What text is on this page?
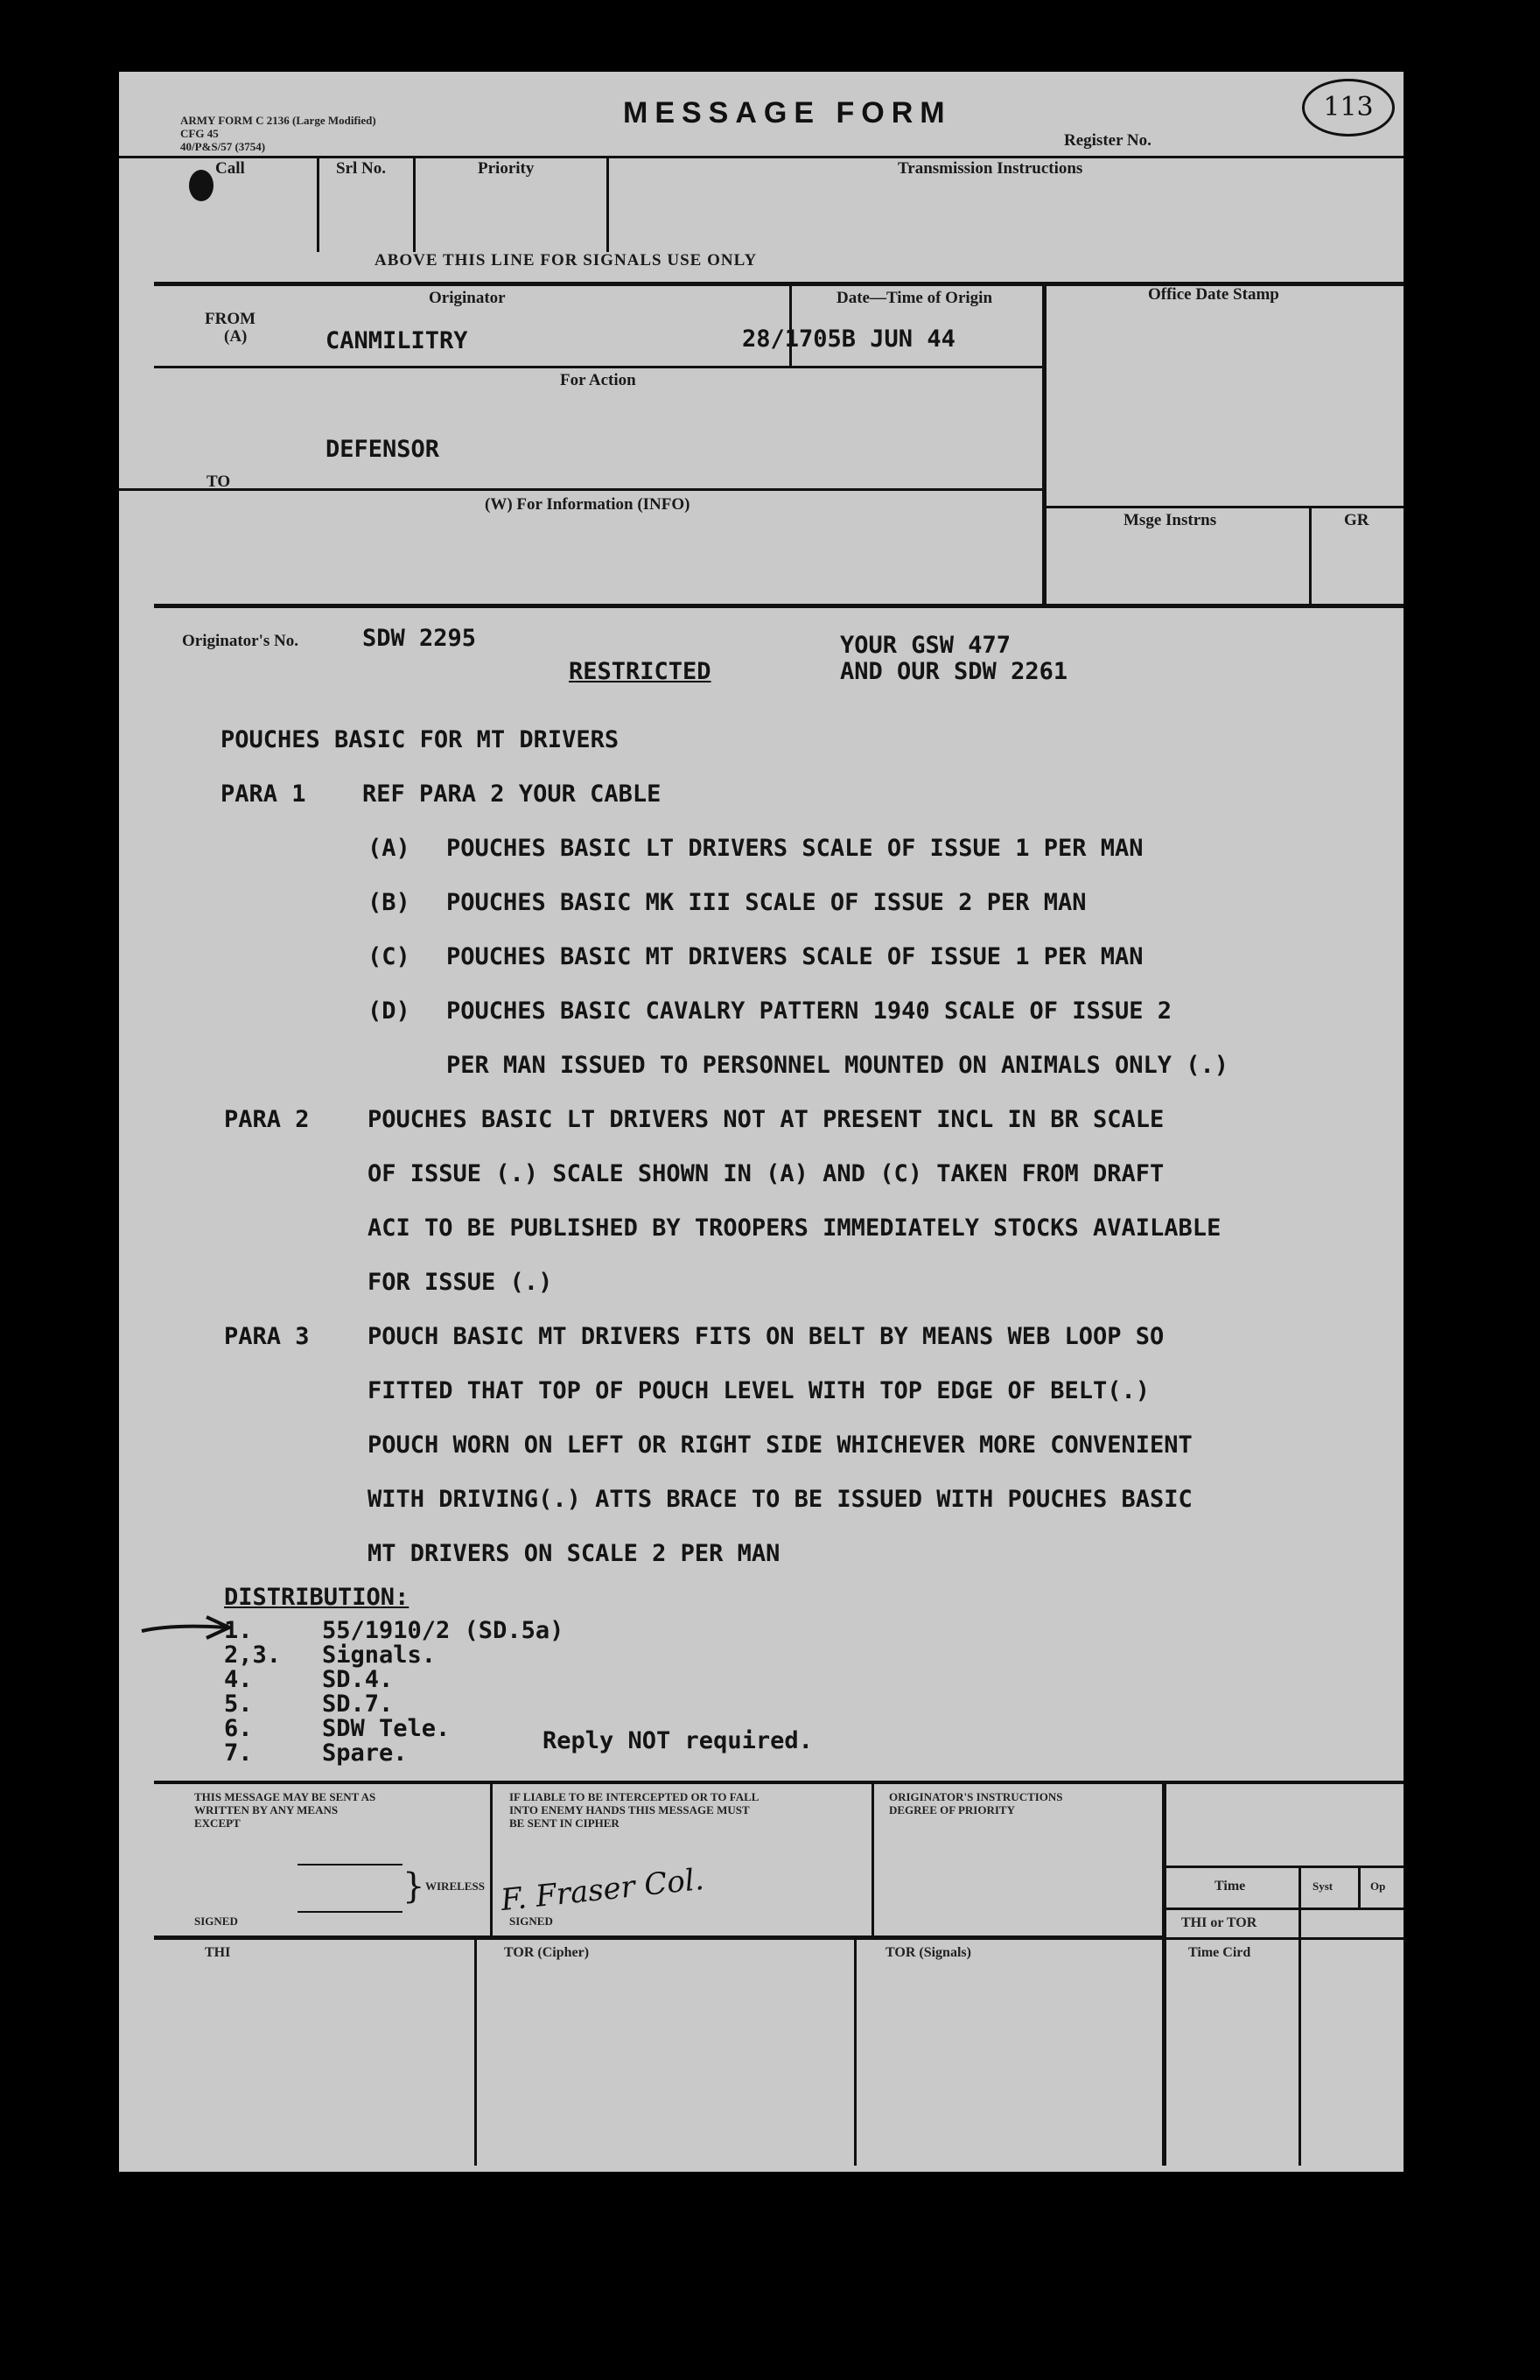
ARMY FORM C 2136 (Large Modified)
CFG 45
40/P&S/57 (3754)
MESSAGE FORM
Register No.
113
Call	Srl No.	Priority	Transmission Instructions
ABOVE THIS LINE FOR SIGNALS USE ONLY
Originator	Date—Time of Origin	Office Date Stamp
FROM
(A)	CANMILITRY	28/1705B JUN 44
For Action
DEFENSOR
TO
(W) For Information (INFO)
Msge Instrns	GR
Originator's No.	SDW 2295
RESTRICTED
YOUR GSW 477
AND OUR SDW 2261
POUCHES BASIC FOR MT DRIVERS
PARA 1 REF PARA 2 YOUR CABLE
(A) POUCHES BASIC LT DRIVERS SCALE OF ISSUE 1 PER MAN
(B) POUCHES BASIC MK III SCALE OF ISSUE 2 PER MAN
(C) POUCHES BASIC MT DRIVERS SCALE OF ISSUE 1 PER MAN
(D) POUCHES BASIC CAVALRY PATTERN 1940 SCALE OF ISSUE 2
PER MAN ISSUED TO PERSONNEL MOUNTED ON ANIMALS ONLY (.)
PARA 2 POUCHES BASIC LT DRIVERS NOT AT PRESENT INCL IN BR SCALE
OF ISSUE (.) SCALE SHOWN IN (A) AND (C) TAKEN FROM DRAFT
ACI TO BE PUBLISHED BY TROOPERS IMMEDIATELY STOCKS AVAILABLE
FOR ISSUE (.)
PARA 3 POUCH BASIC MT DRIVERS FITS ON BELT BY MEANS WEB LOOP SO
FITTED THAT TOP OF POUCH LEVEL WITH TOP EDGE OF BELT(.)
POUCH WORN ON LEFT OR RIGHT SIDE WHICHEVER MORE CONVENIENT
WITH DRIVING(.) ATTS BRACE TO BE ISSUED WITH POUCHES BASIC
MT DRIVERS ON SCALE 2 PER MAN
DISTRIBUTION:
1.	55/1910/2 (SD.5a)
2,3. Signals.
4.	SD.4.
5.	SD.7.
6.	SDW Tele.
7.	Spare.	Reply NOT required.
THIS MESSAGE MAY BE SENT AS
WRITTEN BY ANY MEANS
EXCEPT
} WIRELESS
SIGNED
IF LIABLE TO BE INTERCEPTED OR TO FALL
INTO ENEMY HANDS THIS MESSAGE MUST
BE SENT IN CIPHER
F. Fraser Col.
SIGNED
ORIGINATOR'S INSTRUCTIONS
DEGREE OF PRIORITY
Time	Syst	Op
THI or TOR
Time Cird
THI	TOR (Cipher)	TOR (Signals)
